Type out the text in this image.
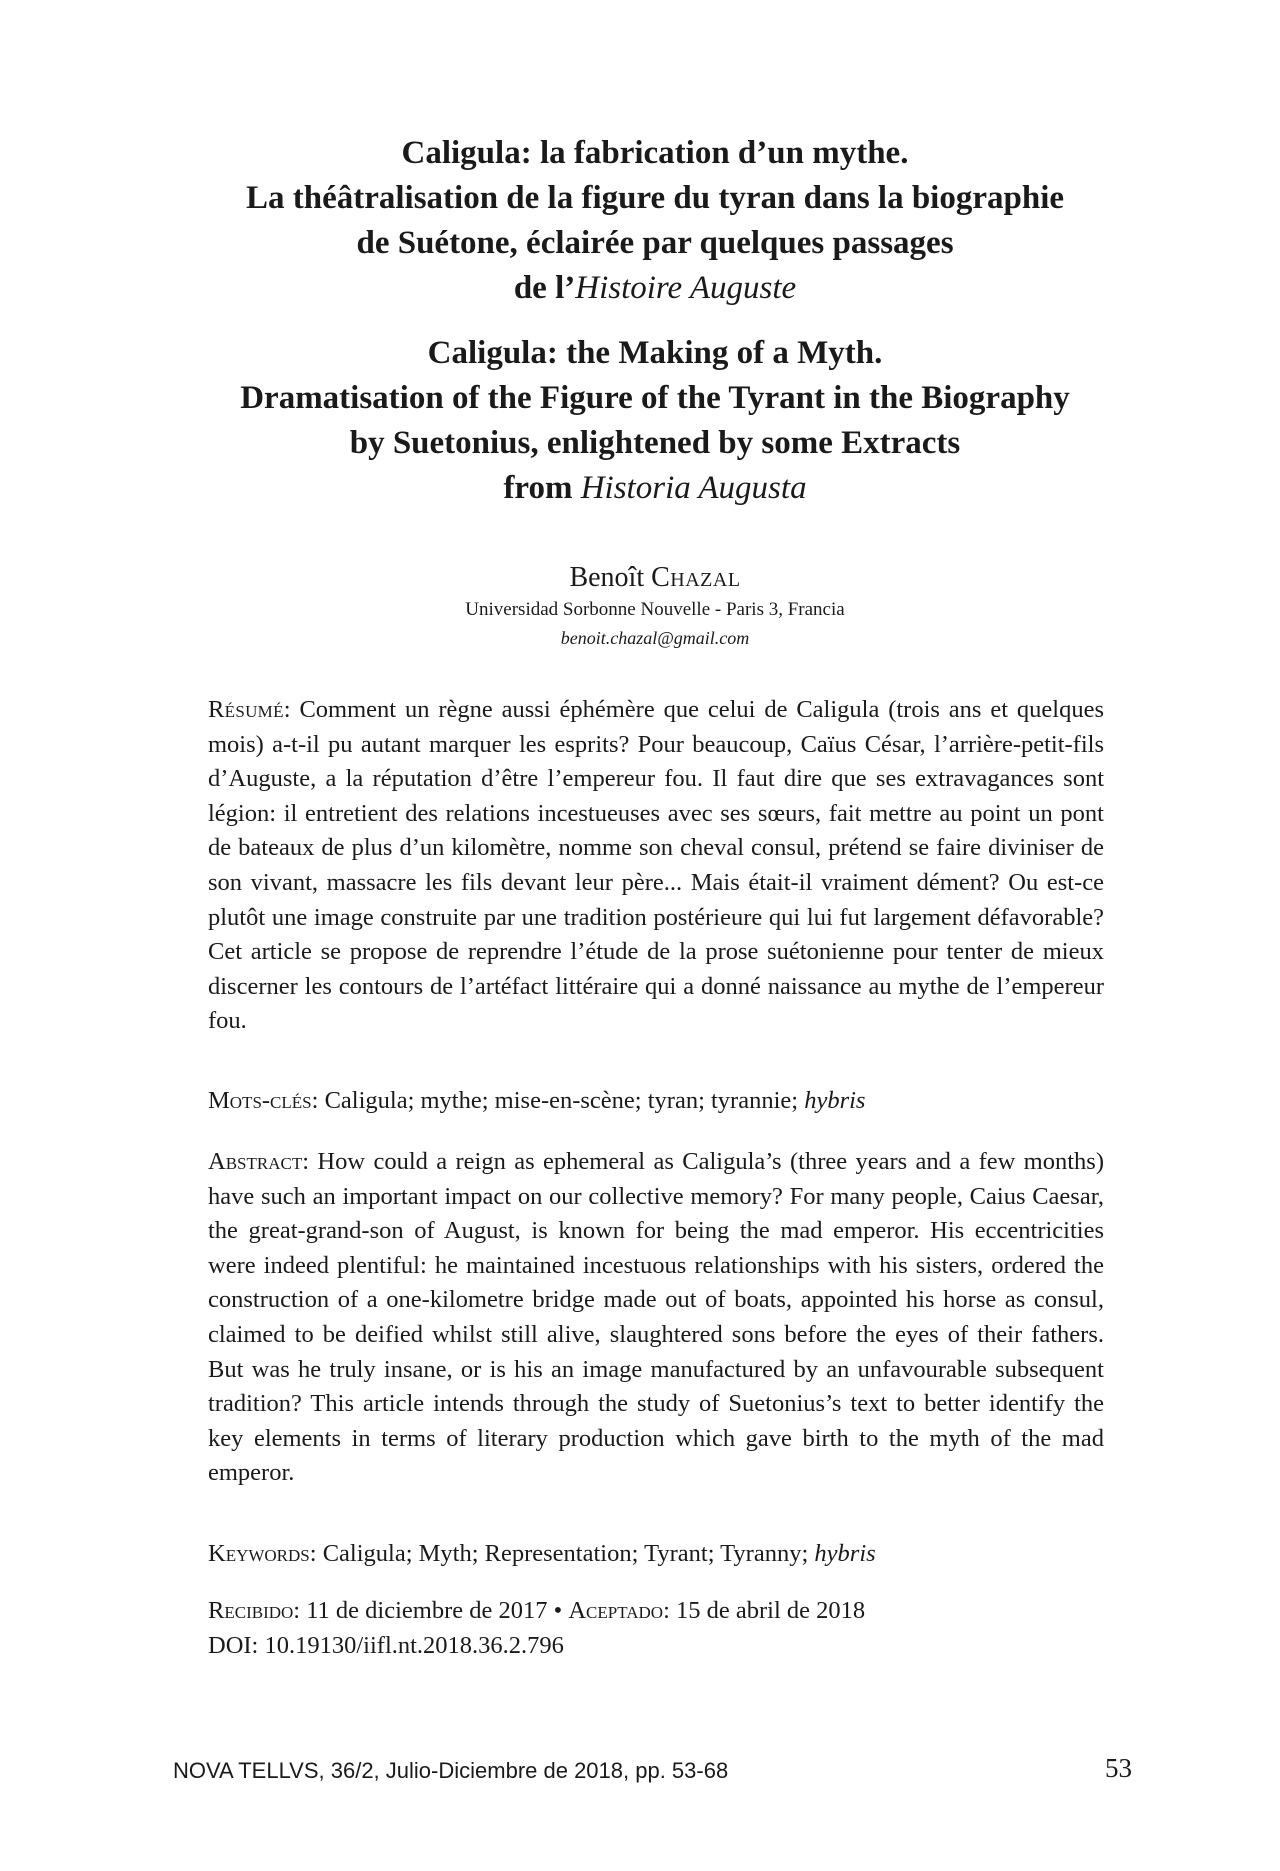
Caligula: la fabrication d’un mythe.
La théâtralisation de la figure du tyran dans la biographie
de Suétone, éclairée par quelques passages
de l’Histoire Auguste
Caligula: the Making of a Myth.
Dramatisation of the Figure of the Tyrant in the Biography
by Suetonius, enlightened by some Extracts
from Historia Augusta
Benoît Chazal
Universidad Sorbonne Nouvelle - Paris 3, Francia
benoit.chazal@gmail.com
Résumé: Comment un règne aussi éphémère que celui de Caligula (trois ans et quelques mois) a-t-il pu autant marquer les esprits? Pour beaucoup, Caïus César, l’arrière-petit-fils d’Auguste, a la réputation d’être l’empereur fou. Il faut dire que ses extravagances sont légion: il entretient des relations incestueuses avec ses sœurs, fait mettre au point un pont de bateaux de plus d’un kilomètre, nomme son cheval consul, prétend se faire diviniser de son vivant, massacre les fils devant leur père... Mais était-il vraiment dément? Ou est-ce plutôt une image construite par une tradition postérieure qui lui fut largement défavorable? Cet article se propose de reprendre l’étude de la prose suétonienne pour tenter de mieux discerner les contours de l’artéfact littéraire qui a donné naissance au mythe de l’empereur fou.
Mots-clés: Caligula; mythe; mise-en-scène; tyran; tyrannie; hybris
Abstract: How could a reign as ephemeral as Caligula’s (three years and a few months) have such an important impact on our collective memory? For many people, Caius Caesar, the great-grand-son of August, is known for being the mad emperor. His eccentricities were indeed plentiful: he maintained incestuous relationships with his sisters, ordered the construction of a one-kilometre bridge made out of boats, appointed his horse as consul, claimed to be deified whilst still alive, slaughtered sons before the eyes of their fathers. But was he truly insane, or is his an image manufactured by an unfavourable subsequent tradition? This article intends through the study of Suetonius’s text to better identify the key elements in terms of literary production which gave birth to the myth of the mad emperor.
Keywords: Caligula; Myth; Representation; Tyrant; Tyranny; hybris
Recibido: 11 de diciembre de 2017 • Aceptado: 15 de abril de 2018
DOI: 10.19130/iifl.nt.2018.36.2.796
NOVA TELLVS, 36/2, Julio-Diciembre de 2018, pp. 53-68	53
